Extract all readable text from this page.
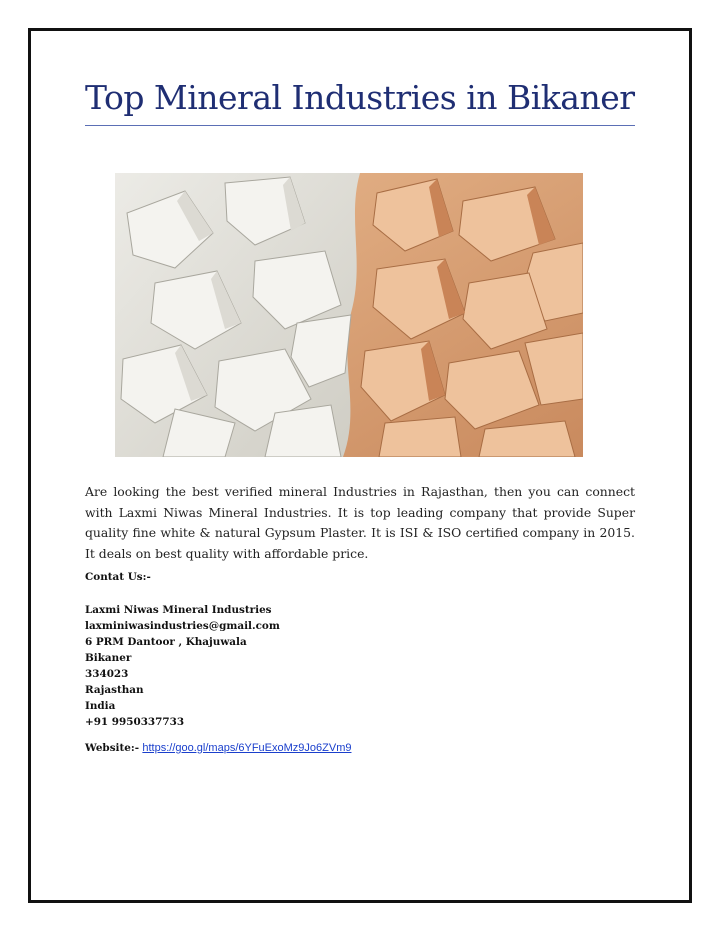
Top Mineral Industries in Bikaner

Are looking the best verified mineral Industries in Rajasthan, then you can connect with Laxmi Niwas Mineral Industries. It is top leading company that provide Super quality fine white & natural Gypsum Plaster. It is ISI & ISO certified company in 2015. It deals on best quality with affordable price.

Contat Us:-
Laxmi Niwas Mineral Industries
laxminiwasindustries@gmail.com
6 PRM Dantoor , Khajuwala
Bikaner
334023
Rajasthan
India
+91 9950337733
Website:- https://goo.gl/maps/6YFuExoMz9Jo6ZVm9
